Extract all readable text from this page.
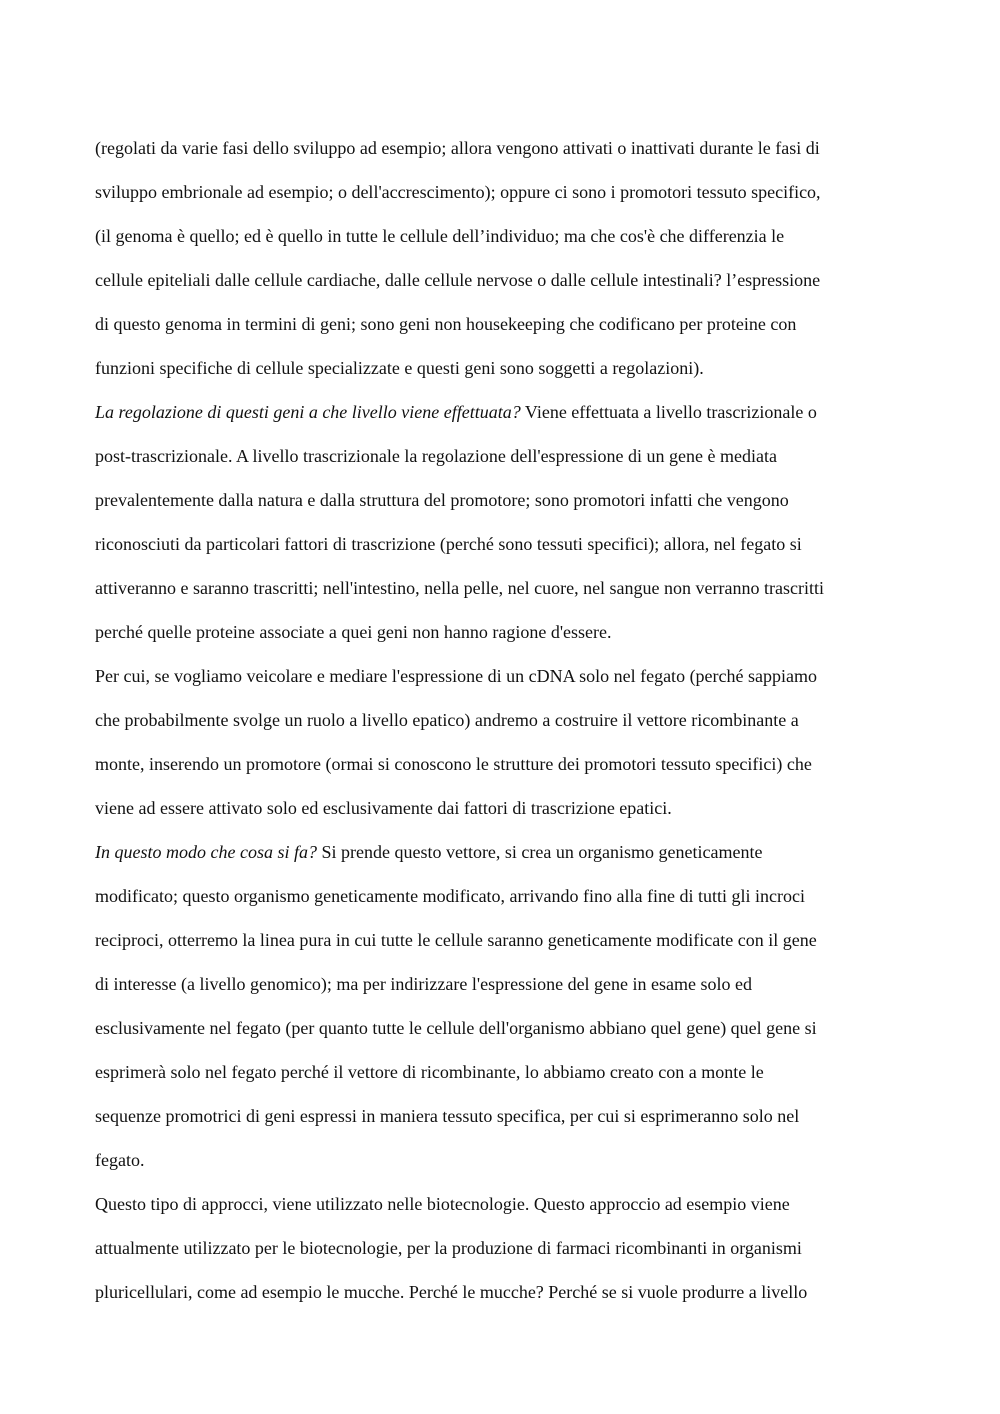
(regolati da varie fasi dello sviluppo ad esempio; allora vengono attivati o inattivati durante le fasi di
sviluppo embrionale ad esempio; o dell'accrescimento); oppure ci sono i promotori tessuto specifico,
(il genoma è quello; ed è quello in tutte le cellule dell’individuo; ma che cos'è che differenzia le
cellule epiteliali dalle cellule cardiache, dalle cellule nervose o dalle cellule intestinali? l’espressione
di questo genoma in termini di geni; sono geni non housekeeping che codificano per proteine con
funzioni specifiche di cellule specializzate e questi geni sono soggetti a regolazioni).
La regolazione di questi geni a che livello viene effettuata? Viene effettuata a livello trascrizionale o
post-trascrizionale. A livello trascrizionale la regolazione dell'espressione di un gene è mediata
prevalentemente dalla natura e dalla struttura del promotore; sono promotori infatti che vengono
riconosciuti da particolari fattori di trascrizione (perché sono tessuti specifici); allora, nel fegato si
attiveranno e saranno trascritti; nell'intestino, nella pelle, nel cuore, nel sangue non verranno trascritti
perché quelle proteine associate a quei geni non hanno ragione d'essere.
Per cui, se vogliamo veicolare e mediare l'espressione di un cDNA solo nel fegato (perché sappiamo
che probabilmente svolge un ruolo a livello epatico) andremo a costruire il vettore ricombinante a
monte, inserendo un promotore (ormai si conoscono le strutture dei promotori tessuto specifici) che
viene ad essere attivato solo ed esclusivamente dai fattori di trascrizione epatici.
In questo modo che cosa si fa? Si prende questo vettore, si crea un organismo geneticamente
modificato; questo organismo geneticamente modificato, arrivando fino alla fine di tutti gli incroci
reciproci, otterremo la linea pura in cui tutte le cellule saranno geneticamente modificate con il gene
di interesse (a livello genomico); ma per indirizzare l'espressione del gene in esame solo ed
esclusivamente nel fegato (per quanto tutte le cellule dell'organismo abbiano quel gene) quel gene si
esprimerà solo nel fegato perché il vettore di ricombinante, lo abbiamo creato con a monte le
sequenze promotrici di geni espressi in maniera tessuto specifica, per cui si esprimeranno solo nel
fegato.
Questo tipo di approcci, viene utilizzato nelle biotecnologie. Questo approccio ad esempio viene
attualmente utilizzato per le biotecnologie, per la produzione di farmaci ricombinanti in organismi
pluricellulari, come ad esempio le mucche. Perché le mucche? Perché se si vuole produrre a livello
